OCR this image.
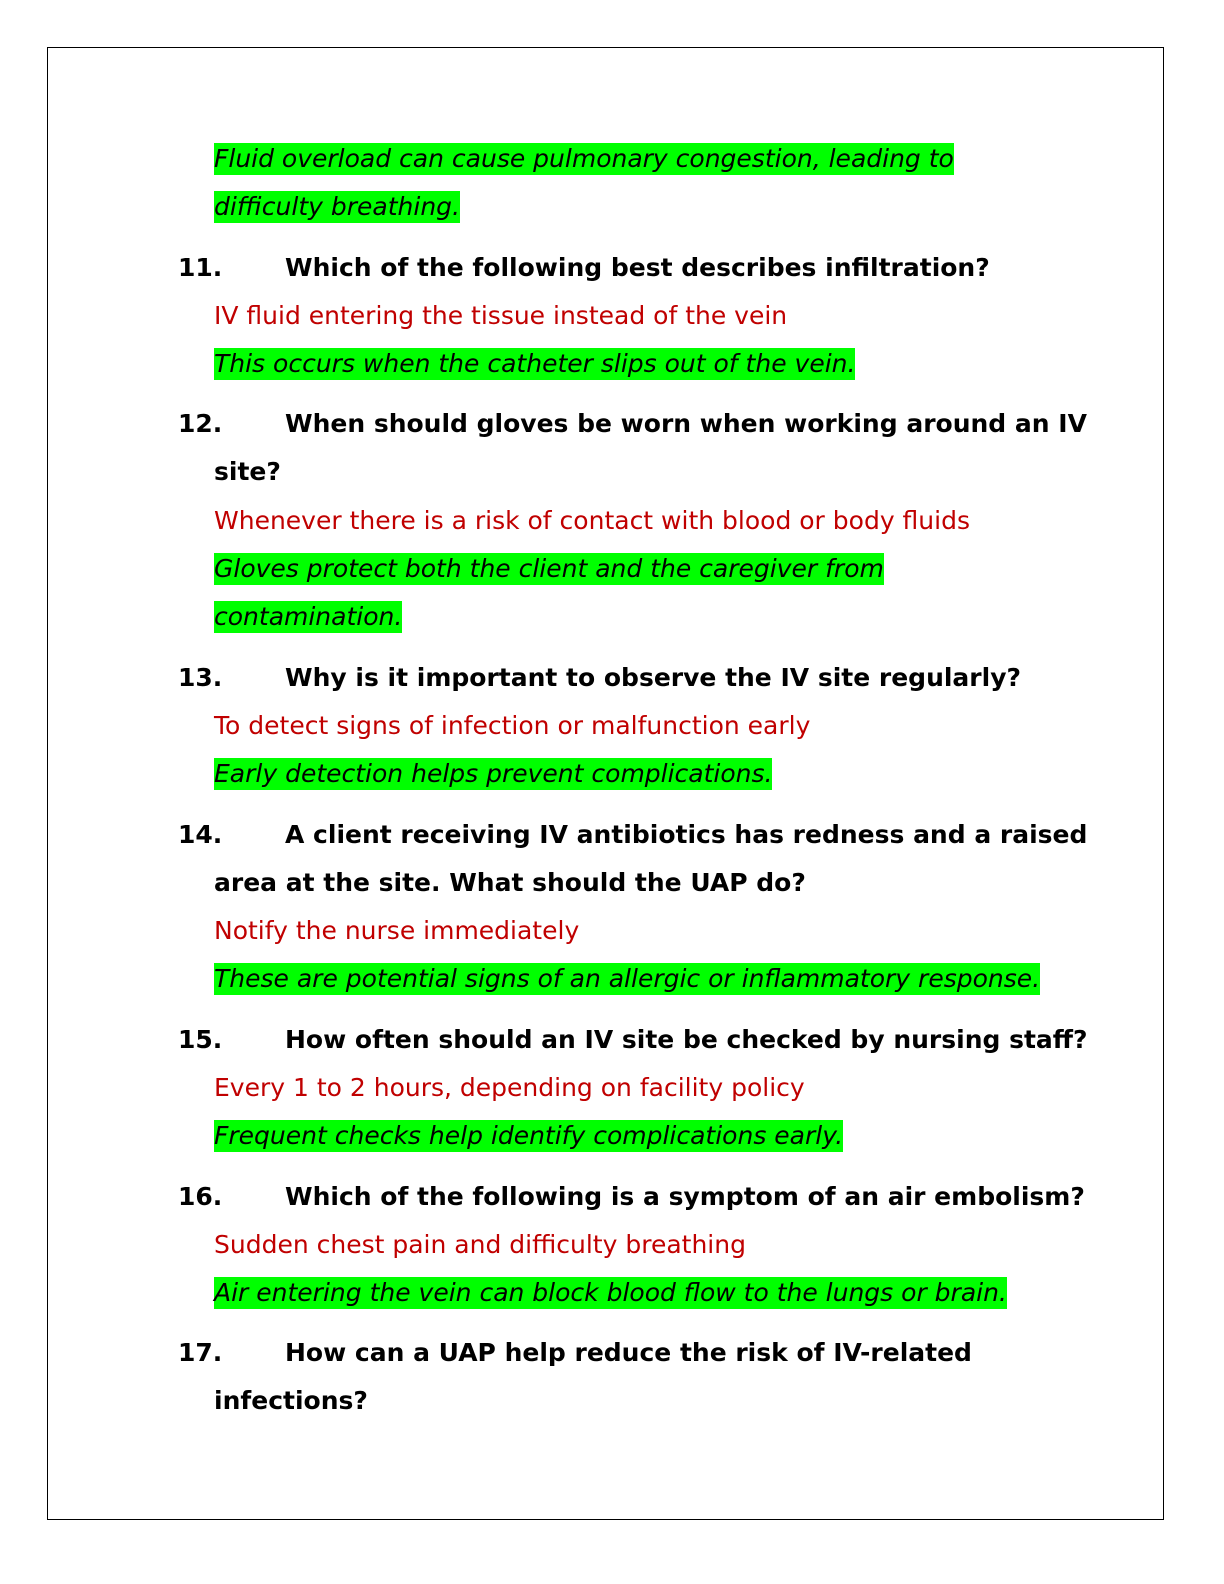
Fluid overload can cause pulmonary congestion, leading to
difficulty breathing.
11.	Which of the following best describes infiltration?
IV fluid entering the tissue instead of the vein
This occurs when the catheter slips out of the vein.
12.	When should gloves be worn when working around an IV
site?
Whenever there is a risk of contact with blood or body fluids
Gloves protect both the client and the caregiver from
contamination.
13.	Why is it important to observe the IV site regularly?
To detect signs of infection or malfunction early
Early detection helps prevent complications.
14.	A client receiving IV antibiotics has redness and a raised
area at the site. What should the UAP do?
Notify the nurse immediately
These are potential signs of an allergic or inflammatory response.
15.	How often should an IV site be checked by nursing staff?
Every 1 to 2 hours, depending on facility policy
Frequent checks help identify complications early.
16.	Which of the following is a symptom of an air embolism?
Sudden chest pain and difficulty breathing
Air entering the vein can block blood flow to the lungs or brain.
17.	How can a UAP help reduce the risk of IV-related
infections?
